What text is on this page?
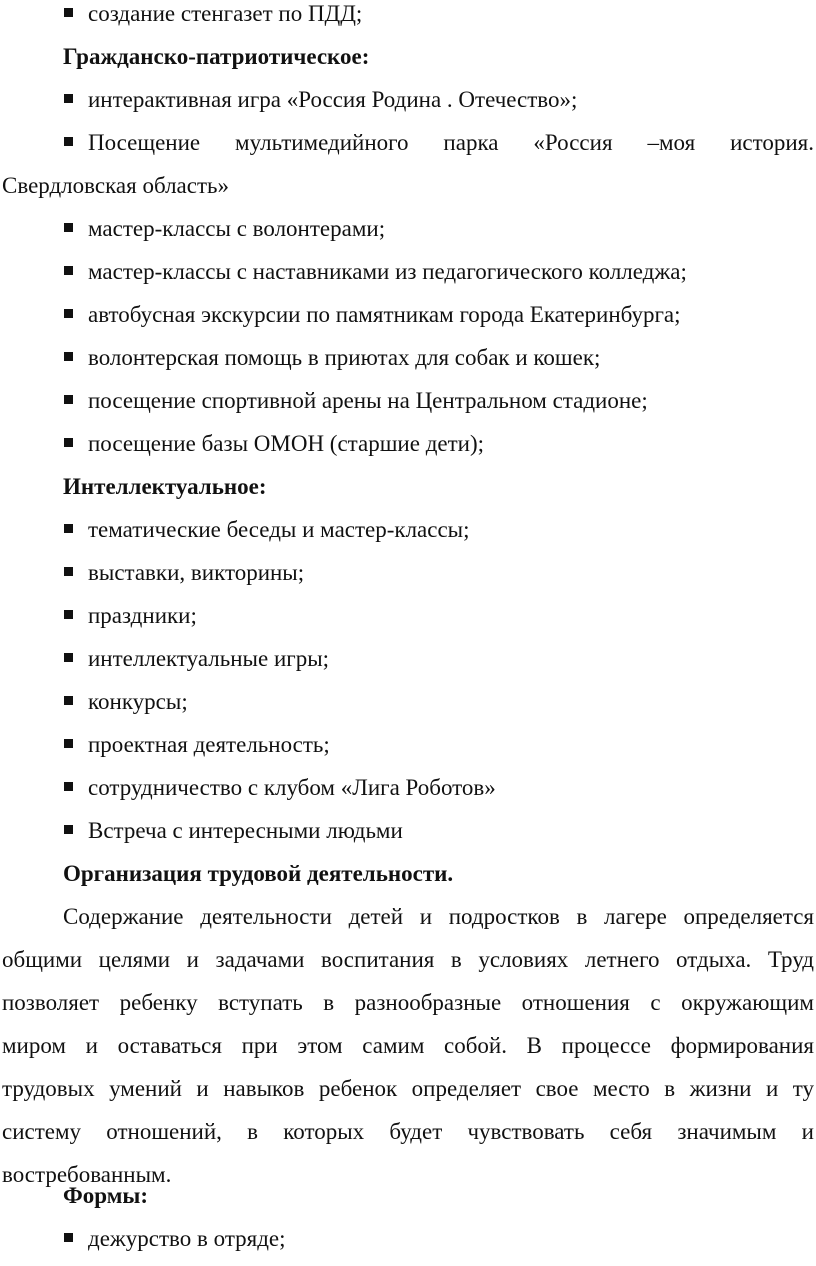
создание стенгазет по ПДД;
Гражданско-патриотическое:
интерактивная игра «Россия Родина . Отечество»;
Посещение мультимедийного парка «Россия –моя история.
Свердловская область»
мастер-классы с волонтерами;
мастер-классы с наставниками из педагогического колледжа;
автобусная экскурсии по памятникам города Екатеринбурга;
волонтерская помощь в приютах для собак и кошек;
посещение спортивной арены на Центральном стадионе;
посещение базы ОМОН (старшие дети);
Интеллектуальное:
тематические беседы и мастер-классы;
выставки, викторины;
праздники;
интеллектуальные игры;
конкурсы;
проектная деятельность;
сотрудничество с клубом «Лига Роботов»
Встреча с интересными людьми
Организация трудовой деятельности.
Содержание деятельности детей и подростков в лагере определяется
общими целями и задачами воспитания в условиях летнего отдыха. Труд
позволяет ребенку вступать в разнообразные отношения с окружающим
миром и оставаться при этом самим собой. В процессе формирования
трудовых умений и навыков ребенок определяет свое место в жизни и ту
систему отношений, в которых будет чувствовать себя значимым и
востребованным.
Формы:
дежурство в отряде;
